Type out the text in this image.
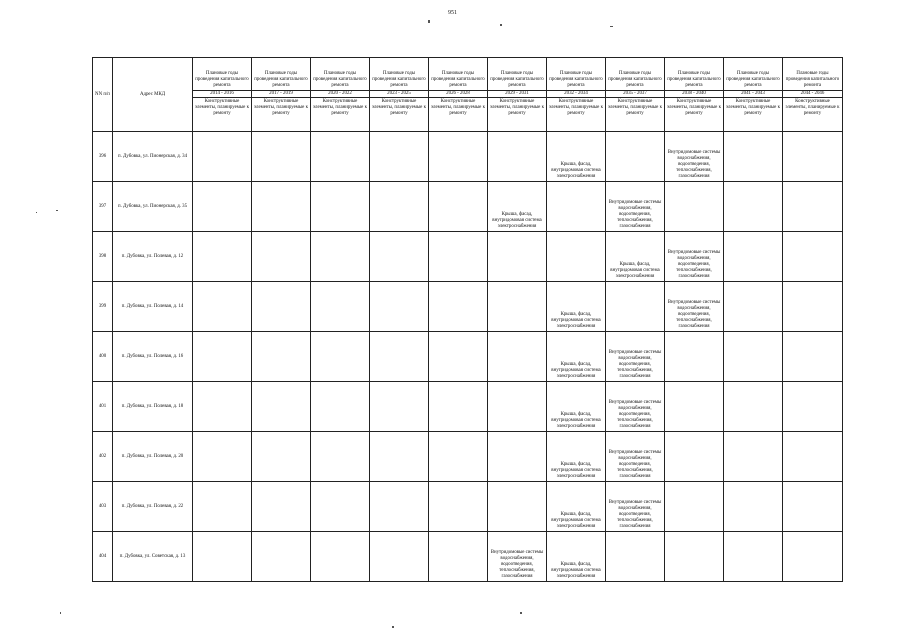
951
NN п/п	Адрес МКД	Плановые годы проведения капитального ремонта	Плановые годы проведения капитального ремонта	Плановые годы проведения капитального ремонта	Плановые годы проведения капитального ремонта	Плановые годы проведения капитального ремонта	Плановые годы проведения капитального ремонта	Плановые годы проведения капитального ремонта	Плановые годы проведения капитального ремонта	Плановые годы проведения капитального ремонта	Плановые годы проведения капитального ремонта	Плановые годы проведения капитального ремонта

		2014 - 2016	2017 - 2019	2020 - 2022	2023 - 2025	2026 - 2028	2029 - 2031	2032 - 2034	2035 - 2037	2038 - 2040	2041 - 2043	2044 - 2046

		Конструктивные элементы, планируемые к ремонту	Конструктивные элементы, планируемые к ремонту	Конструктивные элементы, планируемые к ремонту	Конструктивные элементы, планируемые к ремонту	Конструктивные элементы, планируемые к ремонту	Конструктивные элементы, планируемые к ремонту	Конструктивные элементы, планируемые к ремонту	Конструктивные элементы, планируемые к ремонту	Конструктивные элементы, планируемые к ремонту	Конструктивные элементы, планируемые к ремонту	Конструктивные элементы, планируемые к ремонту

396	п. Дубовка, ул. Пионерская, д. 34							Крыша, фасад, внутридомовая система электроснабжения		Внутридомовые системы водоснабжения, водоотведения, теплоснабжения, газоснабжения		

397	п. Дубовка, ул. Пионерская, д. 35						Крыша, фасад, внутридомовая система электроснабжения		Внутридомовые системы водоснабжения, водоотведения, теплоснабжения, газоснабжения			

398	п. Дубовка, ул. Полевая, д. 12								Крыша, фасад, внутридомовая система электроснабжения	Внутридомовые системы водоснабжения, водоотведения, теплоснабжения, газоснабжения		

399	п. Дубовка, ул. Полевая, д. 14							Крыша, фасад, внутридомовая система электроснабжения		Внутридомовые системы водоснабжения, водоотведения, теплоснабжения, газоснабжения		

400	п. Дубовка, ул. Полевая, д. 16							Крыша, фасад, внутридомовая система электроснабжения	Внутридомовые системы водоснабжения, водоотведения, теплоснабжения, газоснабжения			

401	п. Дубовка, ул. Полевая, д. 18							Крыша, фасад, внутридомовая система электроснабжения	Внутридомовые системы водоснабжения, водоотведения, теплоснабжения, газоснабжения			

402	п. Дубовка, ул. Полевая, д. 20							Крыша, фасад, внутридомовая система электроснабжения	Внутридомовые системы водоснабжения, водоотведения, теплоснабжения, газоснабжения			

403	п. Дубовка, ул. Полевая, д. 22							Крыша, фасад, внутридомовая система электроснабжения	Внутридомовые системы водоснабжения, водоотведения, теплоснабжения, газоснабжения			

404	п. Дубовка, ул. Советская, д. 13						Внутридомовые системы водоснабжения, водоотведения, теплоснабжения, газоснабжения	Крыша, фасад, внутридомовая система электроснабжения				
